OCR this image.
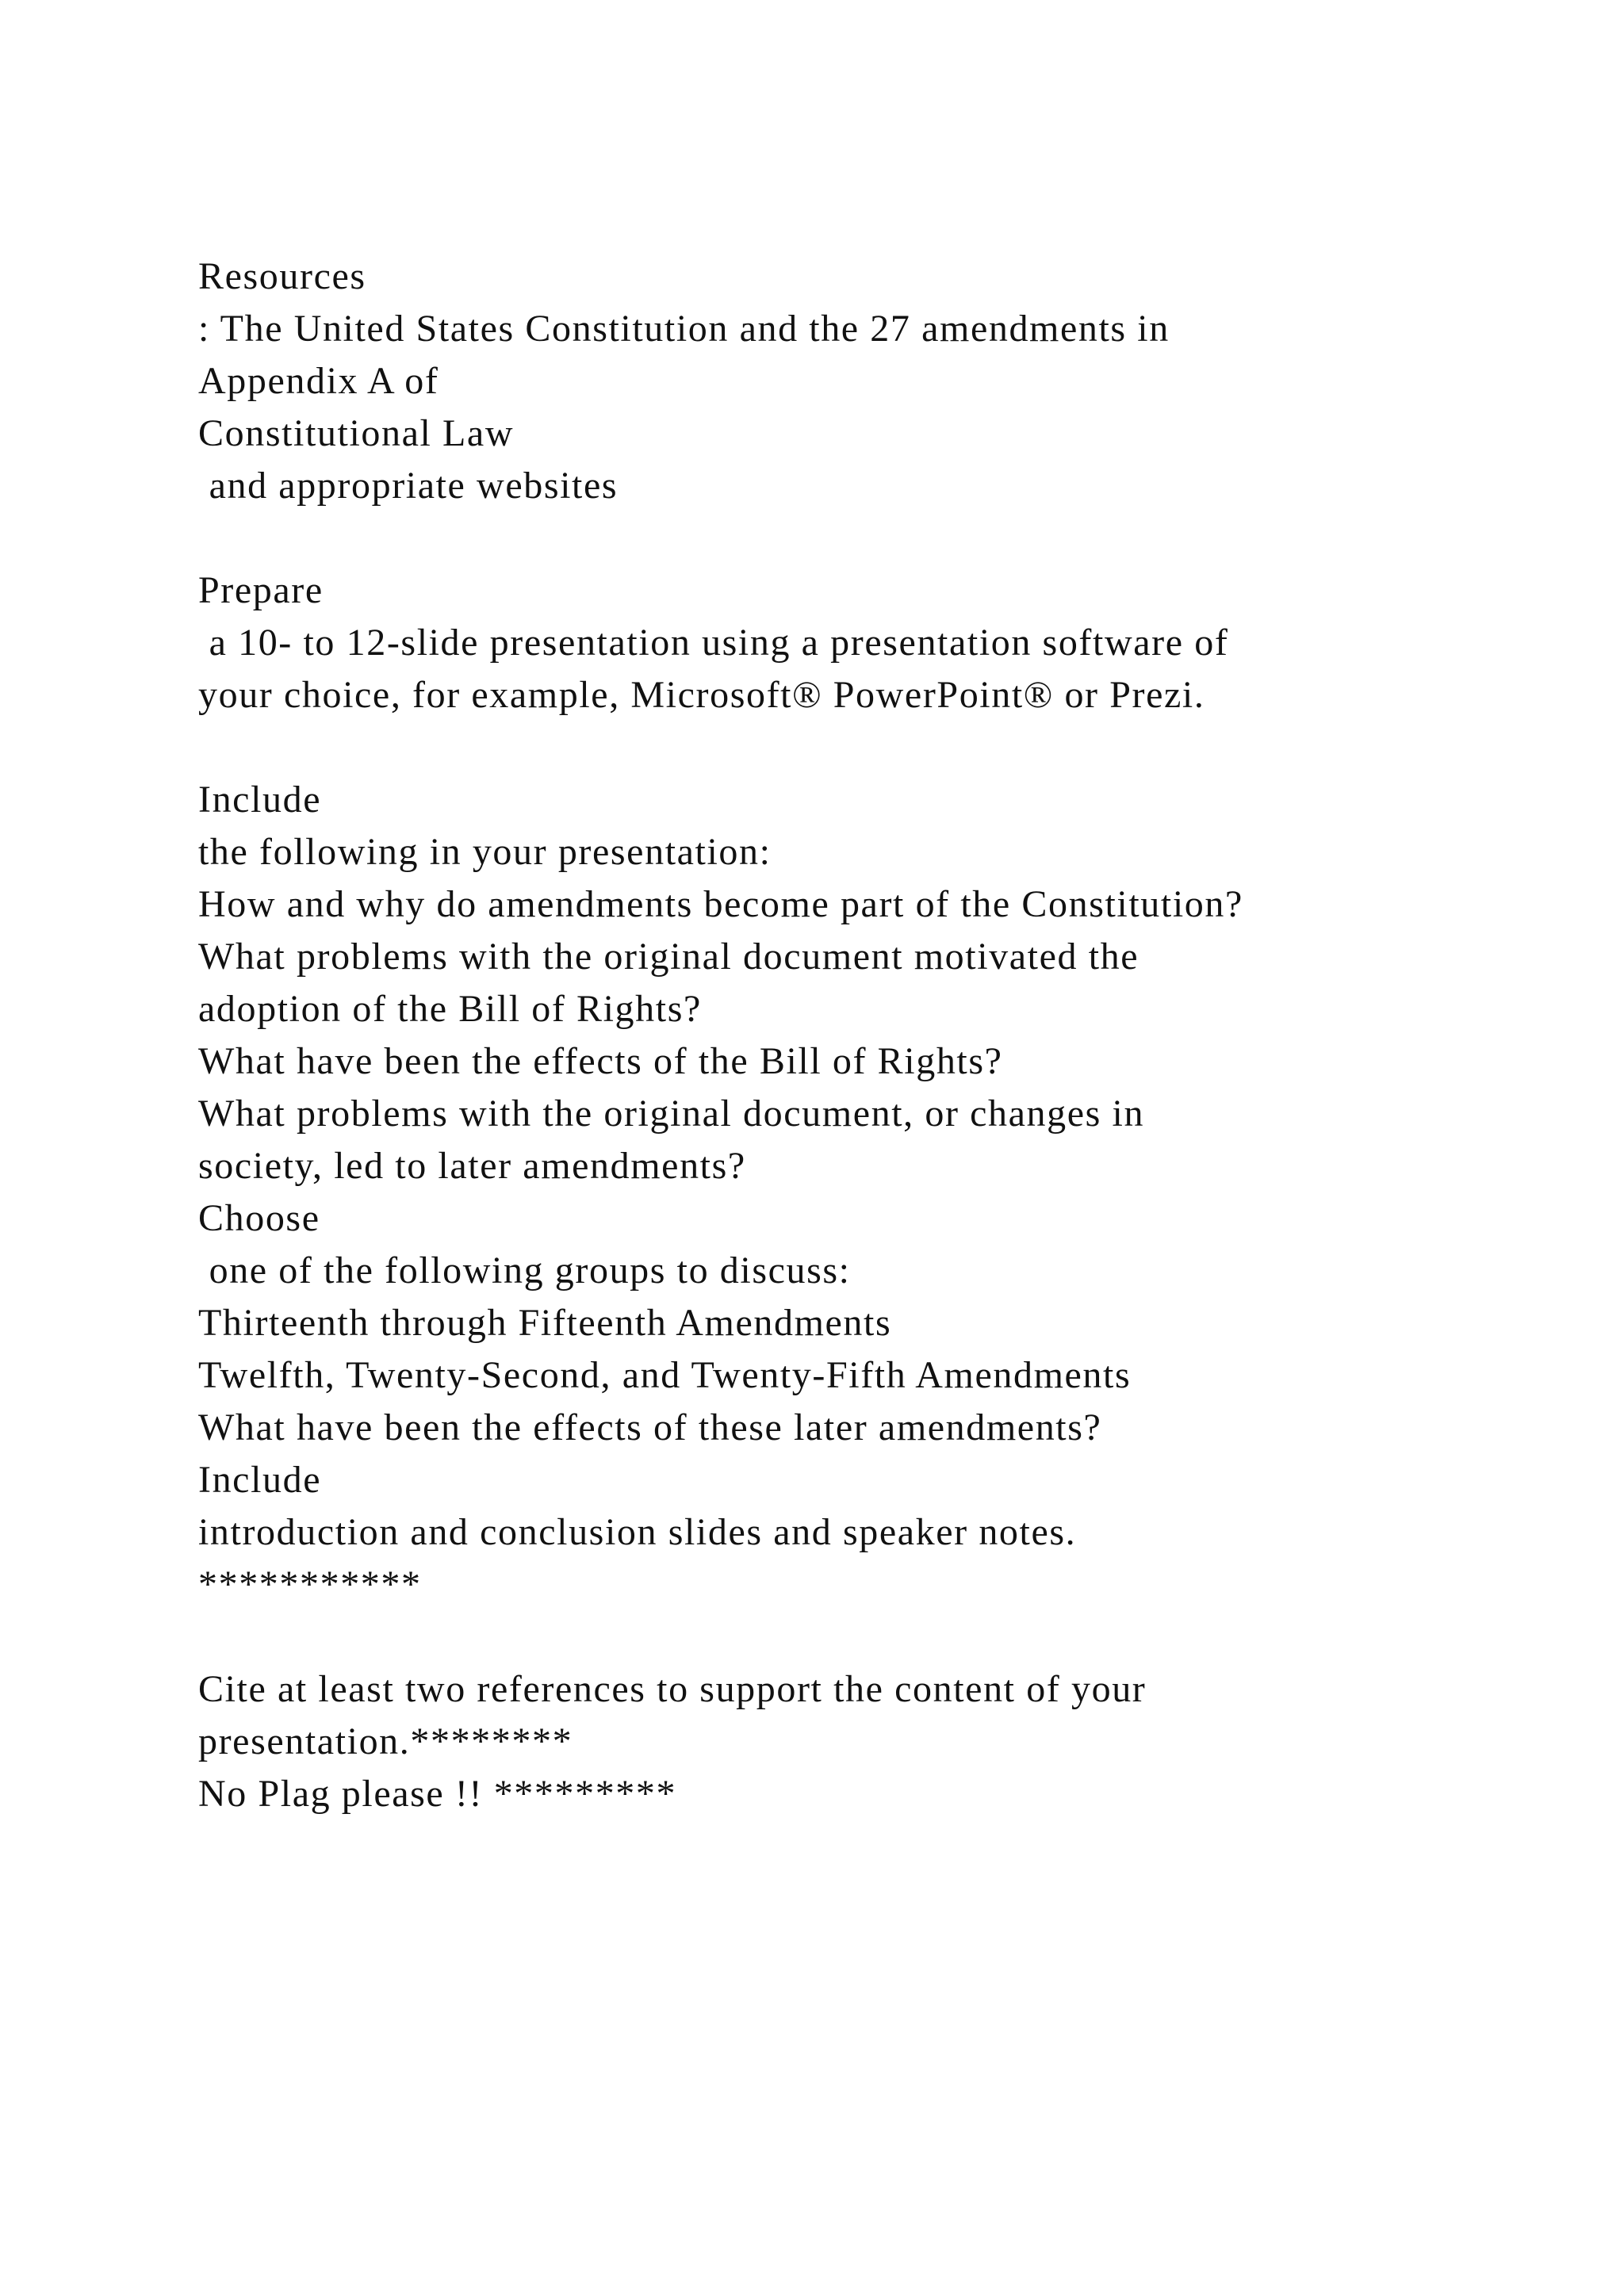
Resources
: The United States Constitution and the 27 amendments in
Appendix A of
Constitutional Law
and appropriate websites
Prepare
a 10- to 12-slide presentation using a presentation software of
your choice, for example, Microsoft® PowerPoint® or Prezi.
Include
the following in your presentation:
How and why do amendments become part of the Constitution?
What problems with the original document motivated the
adoption of the Bill of Rights?
What have been the effects of the Bill of Rights?
What problems with the original document, or changes in
society, led to later amendments?
Choose
one of the following groups to discuss:
Thirteenth through Fifteenth Amendments
Twelfth, Twenty-Second, and Twenty-Fifth Amendments
What have been the effects of these later amendments?
Include
introduction and conclusion slides and speaker notes.
***********
Cite at least two references to support the content of your
presentation.********
No Plag please !! *********
